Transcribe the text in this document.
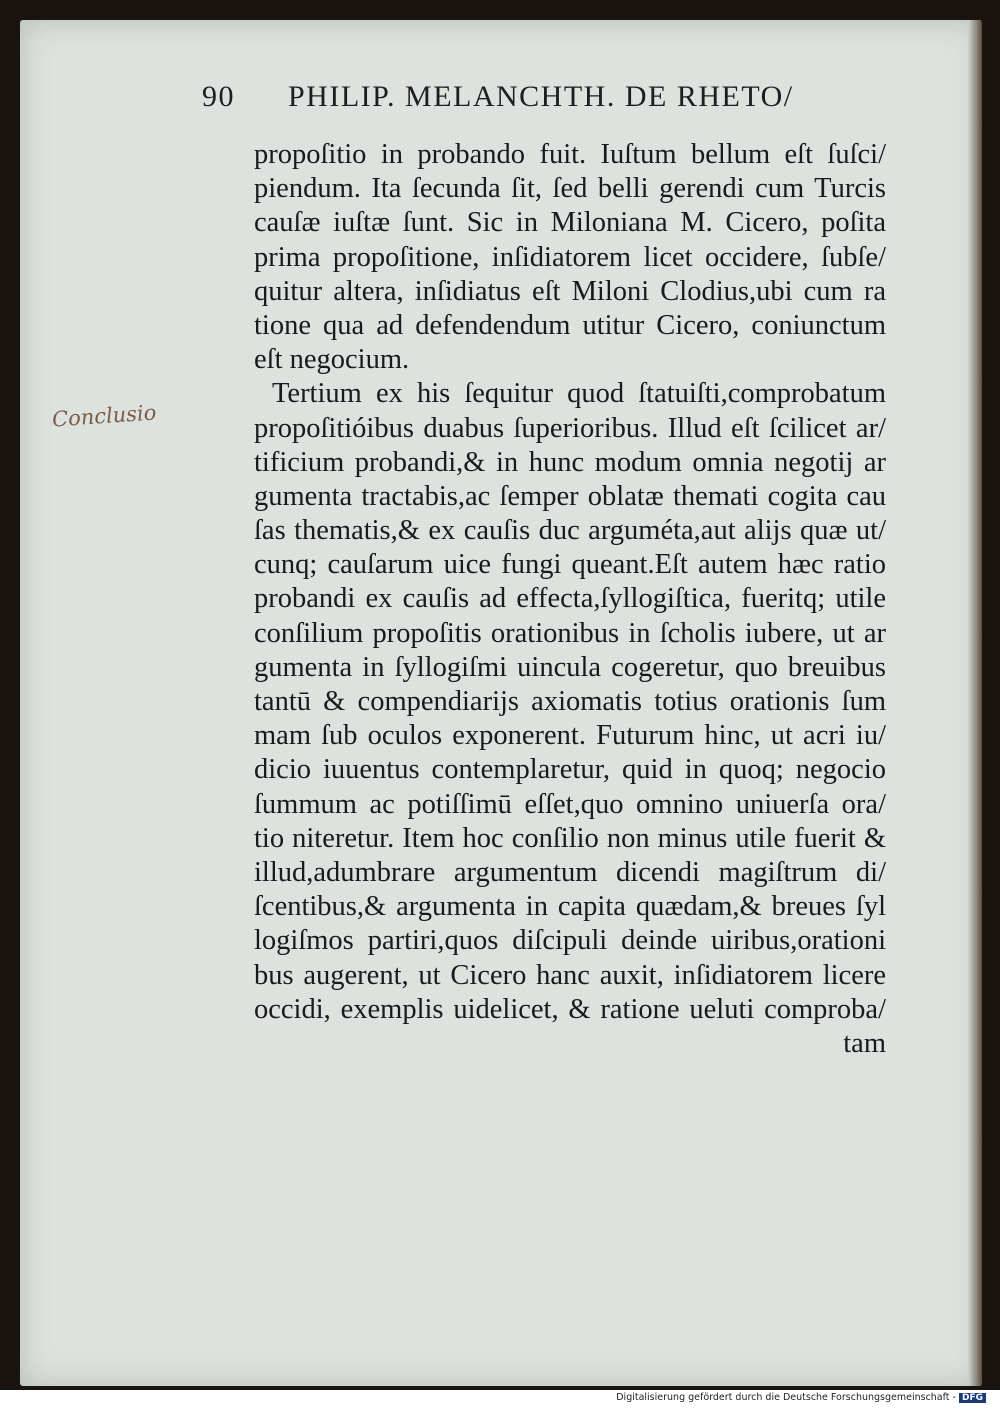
90 PHILIP. MELANCHTH. DE RHETO/
Conclusio
propoſitio in probando fuit. Iuſtum bellum eſt ſuſci/
piendum. Ita ſecunda ſit, ſed belli gerendi cum Turcis
cauſæ iuſtæ ſunt. Sic in Miloniana M. Cicero, poſita
prima propoſitione, inſidiatorem licet occidere, ſubſe/
quitur altera, inſidiatus eſt Miloni Clodius,ubi cum ra
tione qua ad defendendum utitur Cicero, coniunctum
eſt negocium.
Tertium ex his ſequitur quod ſtatuiſti,comprobatum
propoſitióibus duabus ſuperioribus. Illud eſt ſcilicet ar/
tificium probandi,& in hunc modum omnia negotij ar
gumenta tractabis,ac ſemper oblatæ themati cogita cau
ſas thematis,& ex cauſis duc arguméta,aut alijs quæ ut/
cunq; cauſarum uice fungi queant.Eſt autem hæc ratio
probandi ex cauſis ad effecta,ſyllogiſtica, fueritq; utile
conſilium propoſitis orationibus in ſcholis iubere, ut ar
gumenta in ſyllogiſmi uincula cogeretur, quo breuibus
tantū & compendiarijs axiomatis totius orationis ſum
mam ſub oculos exponerent. Futurum hinc, ut acri iu/
dicio iuuentus contemplaretur, quid in quoq; negocio
ſummum ac potiſſimū eſſet,quo omnino uniuerſa ora/
tio niteretur. Item hoc conſilio non minus utile fuerit &
illud,adumbrare argumentum dicendi magiſtrum di/
ſcentibus,& argumenta in capita quædam,& breues ſyl
logiſmos partiri,quos diſcipuli deinde uiribus,orationi
bus augerent, ut Cicero hanc auxit, inſidiatorem licere
occidi, exemplis uidelicet, & ratione ueluti comproba/
tam
Digitalisierung gefördert durch die Deutsche Forschungsgemeinschaft - DFG
